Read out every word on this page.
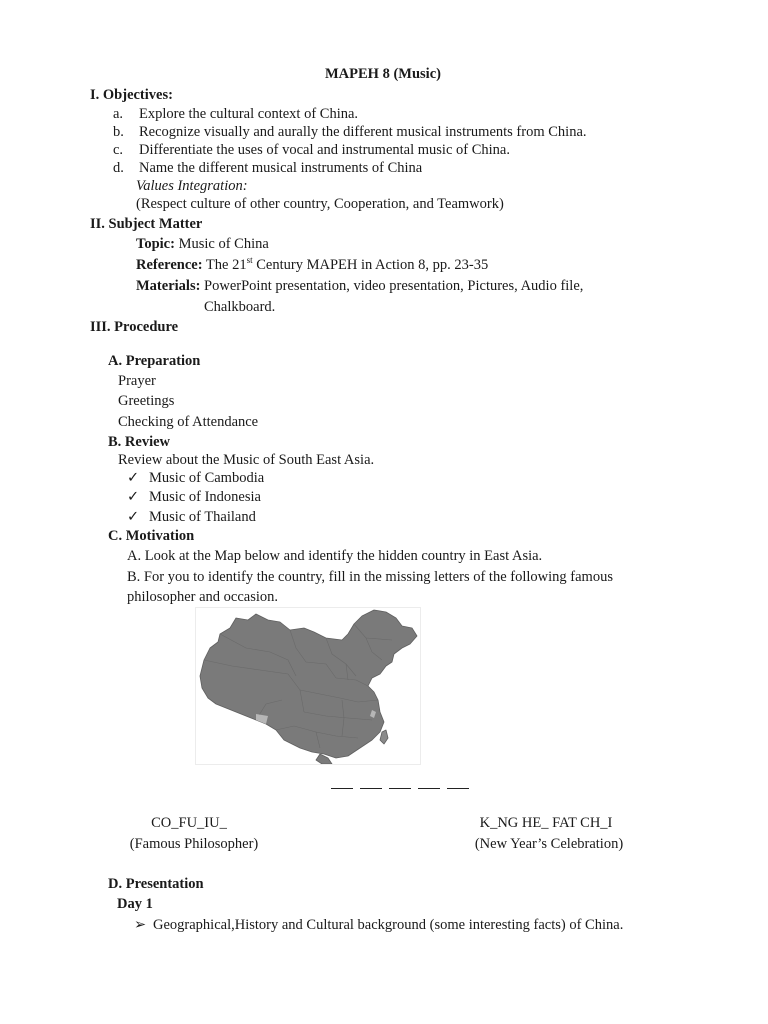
MAPEH 8 (Music)
I. Objectives:
a. Explore the cultural context of China.
b. Recognize visually and aurally the different musical instruments from China.
c. Differentiate the uses of vocal and instrumental music of China.
d. Name the different musical instruments of China
Values Integration:
(Respect culture of other country, Cooperation, and Teamwork)
II. Subject Matter
Topic: Music of China
Reference: The 21st Century MAPEH in Action 8, pp. 23-35
Materials: PowerPoint presentation, video presentation, Pictures, Audio file,
Chalkboard.
III. Procedure
A. Preparation
Prayer
Greetings
Checking of Attendance
B. Review
Review about the Music of South East Asia.
✓ Music of Cambodia
✓ Music of Indonesia
✓ Music of Thailand
C. Motivation
A. Look at the Map below and identify the hidden country in East Asia.
B. For you to identify the country, fill in the missing letters of the following famous
philosopher and occasion.
CO_FU_IU_
(Famous Philosopher)
K_NG HE_ FAT CH_I
(New Year’s Celebration)
D. Presentation
Day 1
➢ Geographical,History and Cultural background (some interesting facts) of China.
